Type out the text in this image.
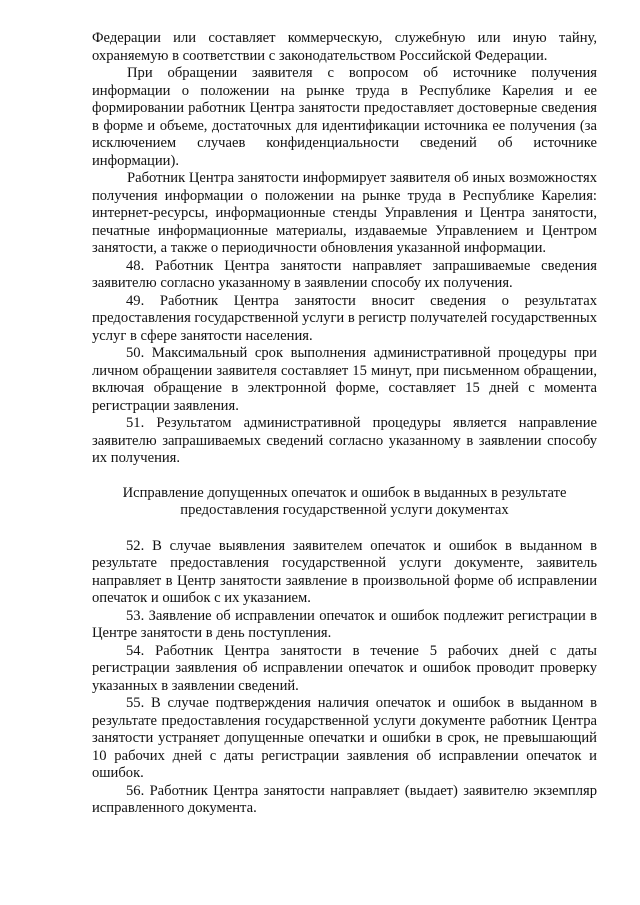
Федерации или составляет коммерческую, служебную или иную тайну, охраняемую в соответствии с законодательством Российской Федерации.

При обращении заявителя с вопросом об источнике получения информации о положении на рынке труда в Республике Карелия и ее формировании работник Центра занятости предоставляет достоверные сведения в форме и объеме, достаточных для идентификации источника ее получения (за исключением случаев конфиденциальности сведений об источнике информации).

Работник Центра занятости информирует заявителя об иных возможностях получения информации о положении на рынке труда в Республике Карелия: интернет-ресурсы, информационные стенды Управления и Центра занятости, печатные информационные материалы, издаваемые Управлением и Центром занятости, а также о периодичности обновления указанной информации.

48. Работник Центра занятости направляет запрашиваемые сведения заявителю согласно указанному в заявлении способу их получения.

49. Работник Центра занятости вносит сведения о результатах предоставления государственной услуги в регистр получателей государственных услуг в сфере занятости населения.

50. Максимальный срок выполнения административной процедуры при личном обращении заявителя составляет 15 минут, при письменном обращении, включая обращение в электронной форме, составляет 15 дней с момента регистрации заявления.

51. Результатом административной процедуры является направление заявителю запрашиваемых сведений согласно указанному в заявлении способу их получения.

Исправление допущенных опечаток и ошибок в выданных в результате предоставления государственной услуги документах

52. В случае выявления заявителем опечаток и ошибок в выданном в результате предоставления государственной услуги документе, заявитель направляет в Центр занятости заявление в произвольной форме об исправлении опечаток и ошибок с их указанием.

53. Заявление об исправлении опечаток и ошибок подлежит регистрации в Центре занятости в день поступления.

54. Работник Центра занятости в течение 5 рабочих дней с даты регистрации заявления об исправлении опечаток и ошибок проводит проверку указанных в заявлении сведений.

55. В случае подтверждения наличия опечаток и ошибок в выданном в результате предоставления государственной услуги документе работник Центра занятости устраняет допущенные опечатки и ошибки в срок, не превышающий 10 рабочих дней с даты регистрации заявления об исправлении опечаток и ошибок.

56. Работник Центра занятости направляет (выдает) заявителю экземпляр исправленного документа.
